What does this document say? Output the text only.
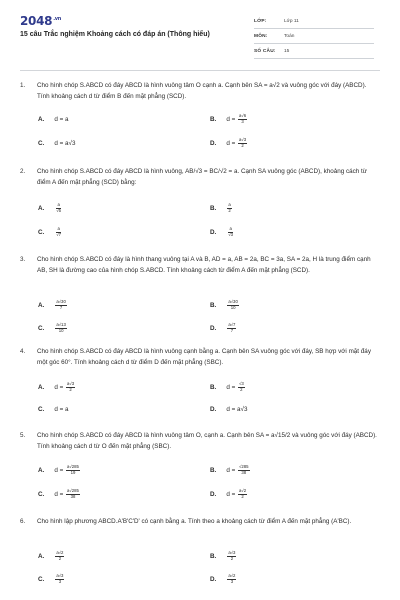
$2048^{.vn}$
15 câu Trắc nghiệm Khoảng cách có đáp án (Thông hiểu)
LỚP:	Lớp 11
MÔN:	Toán
SỐ CÂU:	15
1. Cho hình chóp S.ABCD có đáy ABCD là hình vuông tâm O cạnh a. Cạnh bên SA = a√2 và vuông góc với đáy (ABCD). Tính khoảng cách d từ điểm B đến mặt phẳng (SCD).
A. d = a	B. $d = \frac{a√6}{3}$
C. d = a√3	D. $d = \frac{a√3}{2}$
2. Cho hình chóp S.ABCD có đáy ABCD là hình vuông, AB/√3 = BC/√2 = a. Cạnh SA vuông góc (ABCD), khoảng cách từ điểm A đến mặt phẳng (SCD) bằng:
A.	$\frac{a}{√5}$	B.	$\frac{a}{2}$
C.	$\frac{a}{√7}$	D.	$\frac{a}{√3}$
3. Cho hình chóp S.ABCD có đáy là hình thang vuông tại A và B, AD = a, AB = 2a, BC = 3a, SA = 2a, H là trung điểm cạnh AB, SH là đường cao của hình chóp S.ABCD. Tính khoảng cách từ điểm A đến mặt phẳng (SCD).
A.	$\frac{a√30}{7}$	B.	$\frac{a√30}{10}$
C.	$\frac{a√13}{10}$	D.	$\frac{a√7}{7}$
4. Cho hình chóp S.ABCD có đáy ABCD là hình vuông cạnh bằng a. Cạnh bên SA vuông góc với đáy, SB hợp với mặt đáy một góc 60°. Tính khoảng cách d từ điểm D đến mặt phẳng (SBC).
A. $d = \frac{a√3}{2}$	B. $d = \frac{√3}{2}$
C. d = a	D. d = a√3
5. Cho hình chóp S.ABCD có đáy ABCD là hình vuông tâm O, cạnh a. Cạnh bên SA = a√15/2 và vuông góc với đáy (ABCD). Tính khoảng cách d từ O đến mặt phẳng (SBC).
A. $d = \frac{a√285}{19}$	B. $d = \frac{√285}{38}$
C. $d = \frac{a√285}{38}$	D. $d = \frac{a√2}{2}$
6. Cho hình lập phương ABCD.A'B'C'D' có cạnh bằng a. Tính theo a khoảng cách từ điểm A đến mặt phẳng (A'BC).
A.	$\frac{a√2}{2}$	B.	$\frac{a√3}{2}$
C.	$\frac{a√3}{3}$	D.	$\frac{a√2}{3}$
